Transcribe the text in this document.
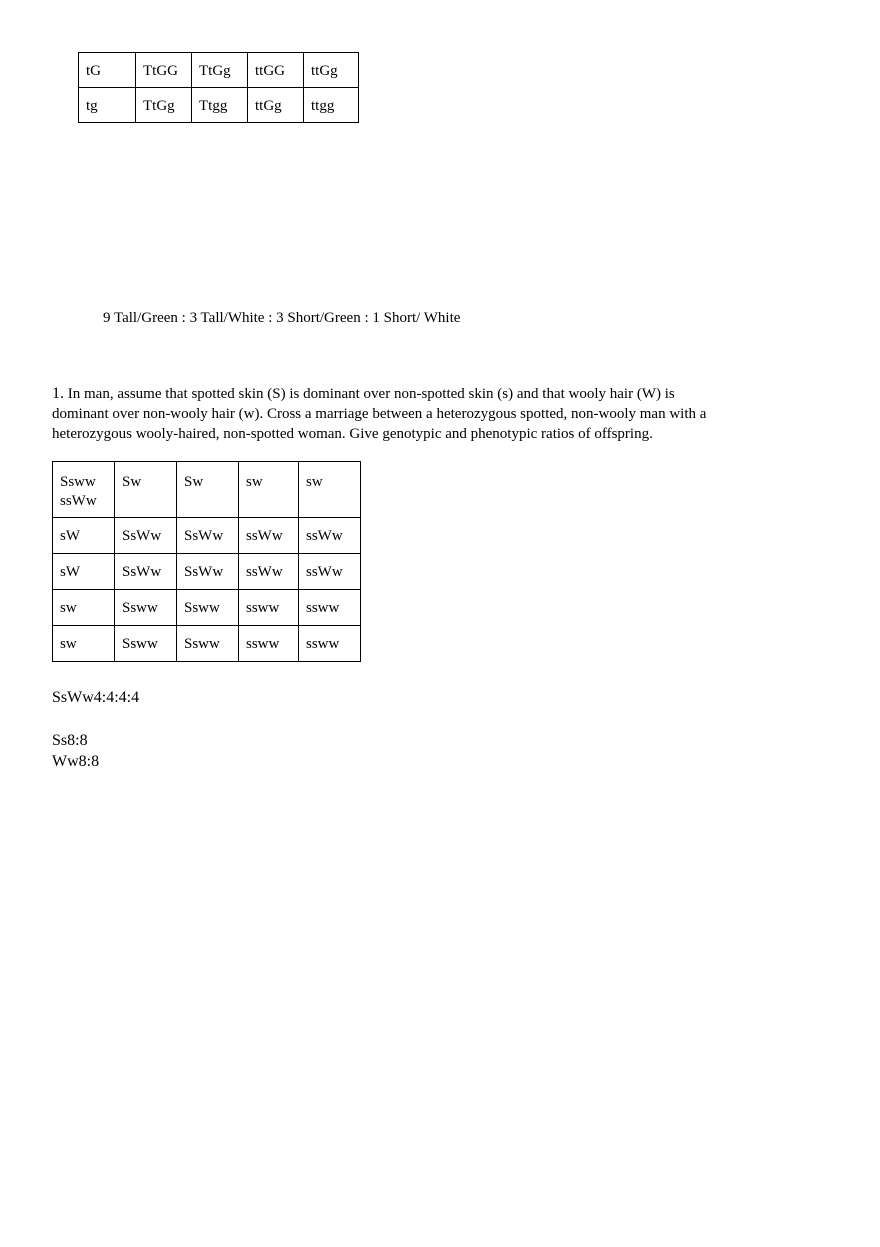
tG	TtGG	TtGg	ttGG	ttGg
tg	TtGg	Ttgg	ttGg	ttgg
9 Tall/Green : 3 Tall/White : 3 Short/Green : 1 Short/ White
1. In man, assume that spotted skin (S) is dominant over non-spotted skin (s) and that wooly hair (W) is
dominant over non-wooly hair (w). Cross a marriage between a heterozygous spotted, non-wooly man with a
heterozygous wooly-haired, non-spotted woman. Give genotypic and phenotypic ratios of offspring.
Ssww
ssWw	Sw	Sw	sw	sw
sW	SsWw	SsWw	ssWw	ssWw
sW	SsWw	SsWw	ssWw	ssWw
sw	Ssww	Ssww	ssww	ssww
sw	Ssww	Ssww	ssww	ssww
SsWw4:4:4:4
Ss8:8
Ww8:8
